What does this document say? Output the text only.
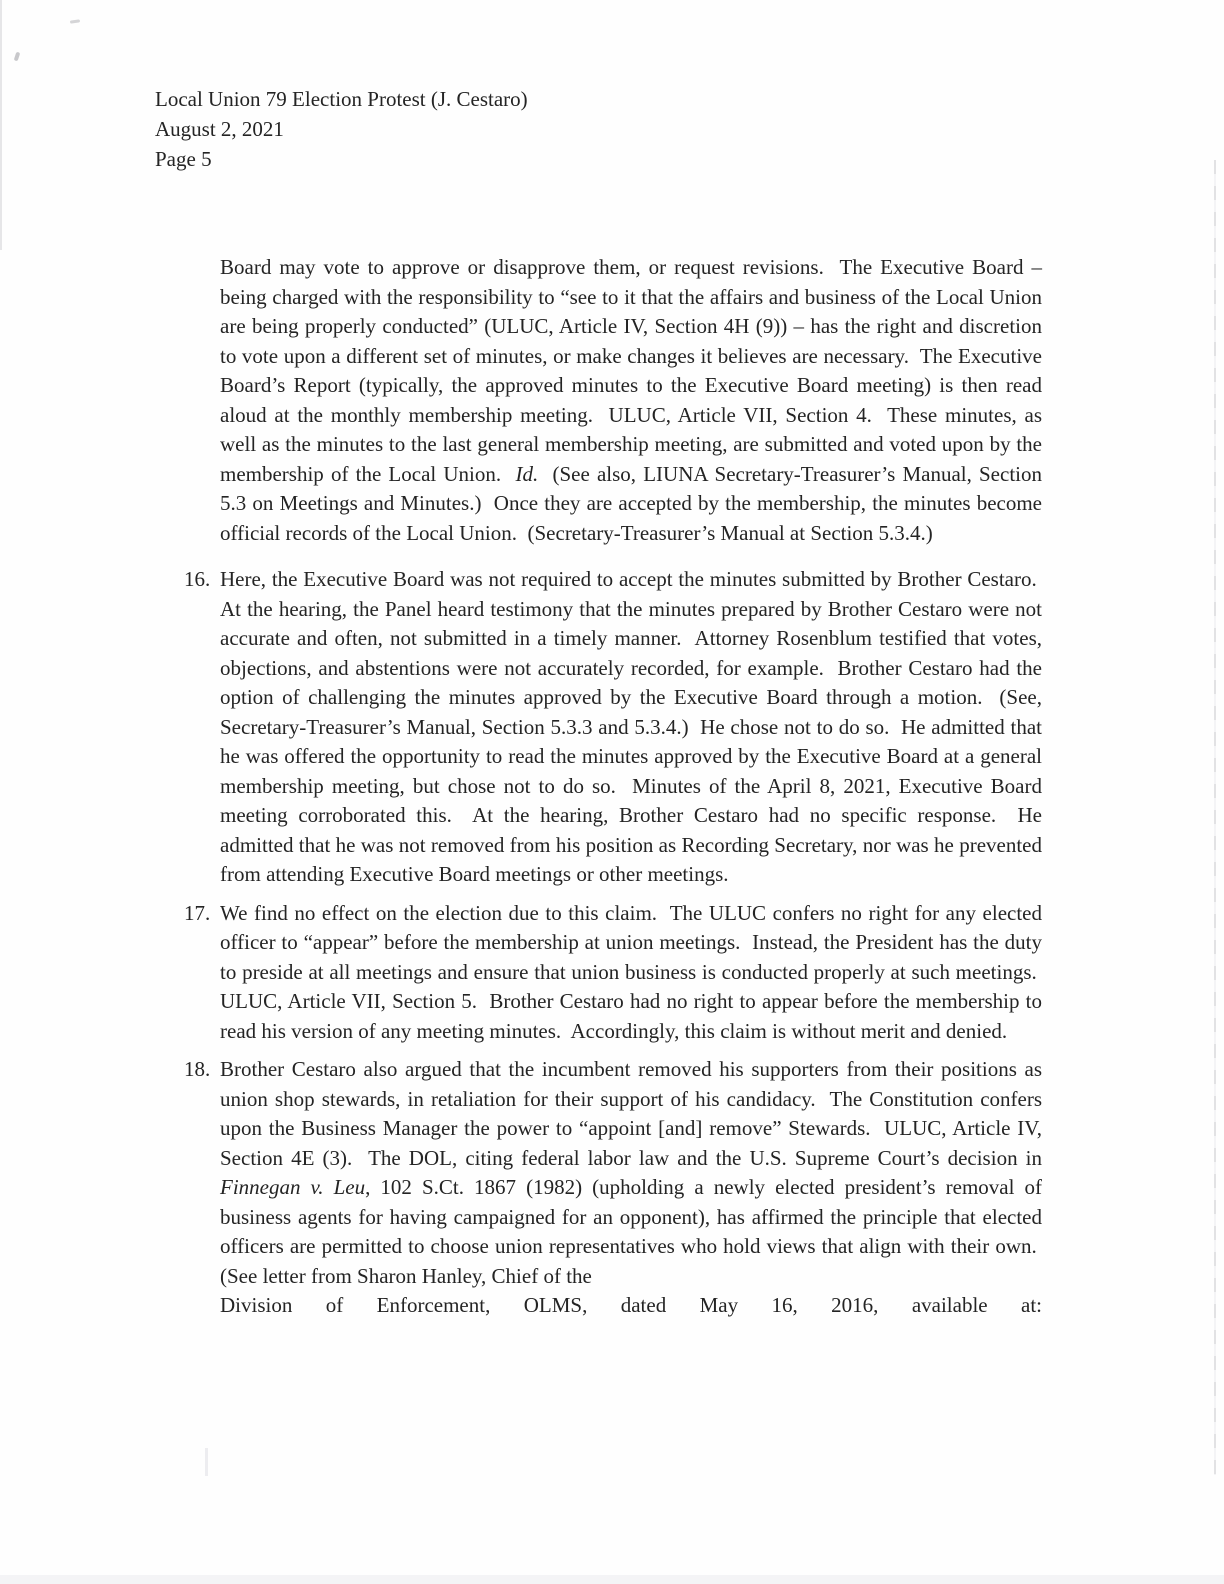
Local Union 79 Election Protest (J. Cestaro)
August 2, 2021
Page 5
Board may vote to approve or disapprove them, or request revisions.  The Executive Board – being charged with the responsibility to “see to it that the affairs and business of the Local Union are being properly conducted” (ULUC, Article IV, Section 4H (9)) – has the right and discretion to vote upon a different set of minutes, or make changes it believes are necessary.  The Executive Board’s Report (typically, the approved minutes to the Executive Board meeting) is then read aloud at the monthly membership meeting.  ULUC, Article VII, Section 4.  These minutes, as well as the minutes to the last general membership meeting, are submitted and voted upon by the membership of the Local Union.  Id.  (See also, LIUNA Secretary-Treasurer’s Manual, Section 5.3 on Meetings and Minutes.)  Once they are accepted by the membership, the minutes become official records of the Local Union.  (Secretary-Treasurer’s Manual at Section 5.3.4.)
16. Here, the Executive Board was not required to accept the minutes submitted by Brother Cestaro.  At the hearing, the Panel heard testimony that the minutes prepared by Brother Cestaro were not accurate and often, not submitted in a timely manner.  Attorney Rosenblum testified that votes, objections, and abstentions were not accurately recorded, for example.  Brother Cestaro had the option of challenging the minutes approved by the Executive Board through a motion.  (See, Secretary-Treasurer’s Manual, Section 5.3.3 and 5.3.4.)  He chose not to do so.  He admitted that he was offered the opportunity to read the minutes approved by the Executive Board at a general membership meeting, but chose not to do so.  Minutes of the April 8, 2021, Executive Board meeting corroborated this.  At the hearing, Brother Cestaro had no specific response.  He admitted that he was not removed from his position as Recording Secretary, nor was he prevented from attending Executive Board meetings or other meetings.
17. We find no effect on the election due to this claim.  The ULUC confers no right for any elected officer to “appear” before the membership at union meetings.  Instead, the President has the duty to preside at all meetings and ensure that union business is conducted properly at such meetings.  ULUC, Article VII, Section 5.  Brother Cestaro had no right to appear before the membership to read his version of any meeting minutes.  Accordingly, this claim is without merit and denied.
18. Brother Cestaro also argued that the incumbent removed his supporters from their positions as union shop stewards, in retaliation for their support of his candidacy.  The Constitution confers upon the Business Manager the power to “appoint [and] remove” Stewards.  ULUC, Article IV, Section 4E (3).  The DOL, citing federal labor law and the U.S. Supreme Court’s decision in Finnegan v. Leu, 102 S.Ct. 1867 (1982) (upholding a newly elected president’s removal of business agents for having campaigned for an opponent), has affirmed the principle that elected officers are permitted to choose union representatives who hold views that align with their own.  (See letter from Sharon Hanley, Chief of the
Division of Enforcement, OLMS, dated May 16, 2016, available at:
